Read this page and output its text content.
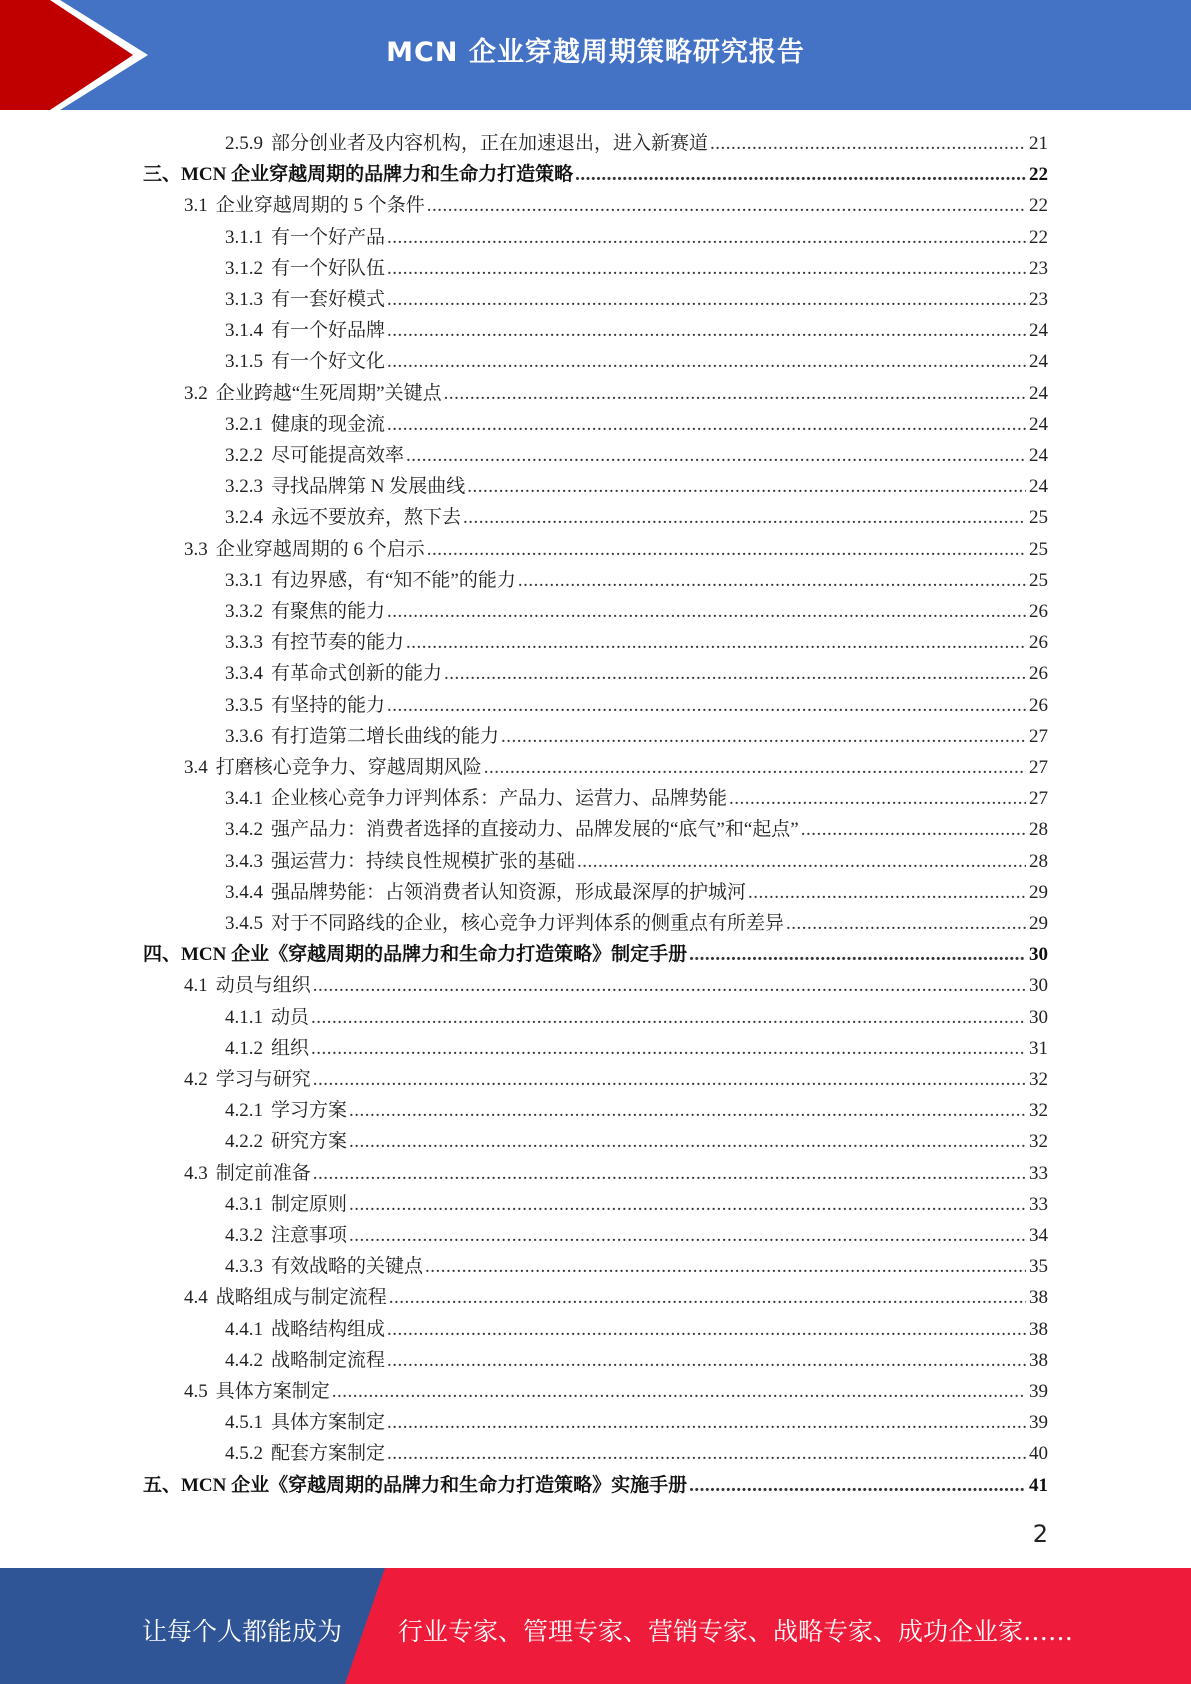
MCN 企业穿越周期策略研究报告
2.5.9 部分创业者及内容机构，正在加速退出，进入新赛道 .....	21
三、MCN 企业穿越周期的品牌力和生命力打造策略 .....	22
3.1 企业穿越周期的 5 个条件 .....	22
3.1.1 有一个好产品 .....	22
3.1.2 有一个好队伍 .....	23
3.1.3 有一套好模式 .....	23
3.1.4 有一个好品牌 .....	24
3.1.5 有一个好文化 .....	24
3.2 企业跨越“生死周期”关键点 .....	24
3.2.1 健康的现金流 .....	24
3.2.2 尽可能提高效率 .....	24
3.2.3 寻找品牌第 N 发展曲线 .....	24
3.2.4 永远不要放弃，熬下去 .....	25
3.3 企业穿越周期的 6 个启示 .....	25
3.3.1 有边界感，有“知不能”的能力 .....	25
3.3.2 有聚焦的能力 .....	26
3.3.3 有控节奏的能力 .....	26
3.3.4 有革命式创新的能力 .....	26
3.3.5 有坚持的能力 .....	26
3.3.6 有打造第二增长曲线的能力 .....	27
3.4 打磨核心竞争力、穿越周期风险 .....	27
3.4.1 企业核心竞争力评判体系：产品力、运营力、品牌势能 .....	27
3.4.2 强产品力：消费者选择的直接动力、品牌发展的“底气”和“起点” .....	28
3.4.3 强运营力：持续良性规模扩张的基础 .....	28
3.4.4 强品牌势能：占领消费者认知资源，形成最深厚的护城河 .....	29
3.4.5 对于不同路线的企业，核心竞争力评判体系的侧重点有所差异 .....	29
四、MCN 企业《穿越周期的品牌力和生命力打造策略》制定手册 .....	30
4.1 动员与组织 .....	30
4.1.1 动员 .....	30
4.1.2 组织 .....	31
4.2 学习与研究 .....	32
4.2.1 学习方案 .....	32
4.2.2 研究方案 .....	32
4.3 制定前准备 .....	33
4.3.1 制定原则 .....	33
4.3.2 注意事项 .....	34
4.3.3 有效战略的关键点 .....	35
4.4 战略组成与制定流程 .....	38
4.4.1 战略结构组成 .....	38
4.4.2 战略制定流程 .....	38
4.5 具体方案制定 .....	39
4.5.1 具体方案制定 .....	39
4.5.2 配套方案制定 .....	40
五、MCN 企业《穿越周期的品牌力和生命力打造策略》实施手册 .....	41
2
让每个人都能成为 行业专家、管理专家、营销专家、战略专家、成功企业家……
